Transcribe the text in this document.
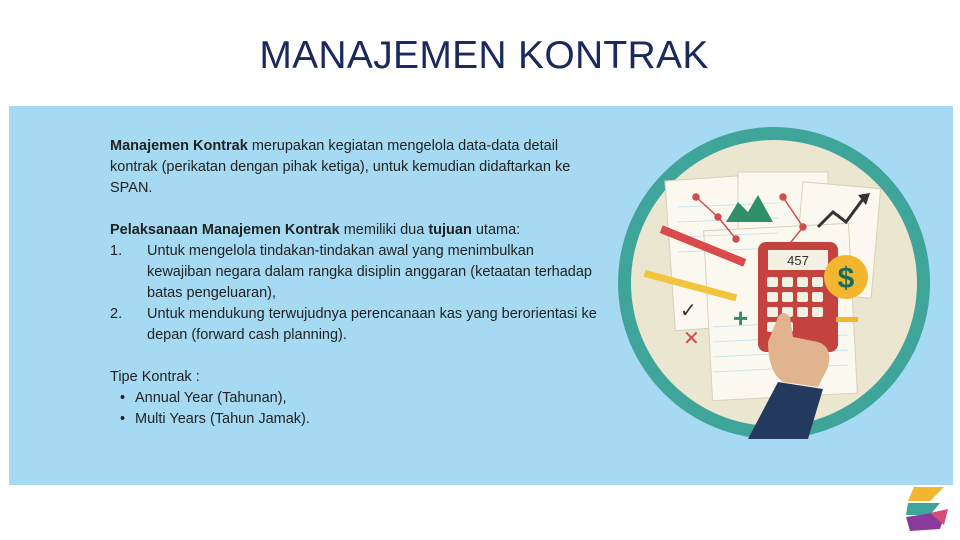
MANAJEMEN KONTRAK

Manajemen Kontrak merupakan kegiatan mengelola data-data detail kontrak (perikatan dengan pihak ketiga), untuk kemudian didaftarkan ke SPAN.

Pelaksanaan Manajemen Kontrak memiliki dua tujuan utama:

1.	Untuk mengelola tindakan-tindakan awal yang menimbulkan kewajiban negara dalam rangka disiplin anggaran (ketaatan terhadap batas pengeluaran),
2.	Untuk mendukung terwujudnya perencanaan kas yang berorientasi ke depan (forward cash planning).

Tipe Kontrak :

• Annual Year (Tahunan),
• Multi Years (Tahun Jamak).
457
$
+
✕
✓
